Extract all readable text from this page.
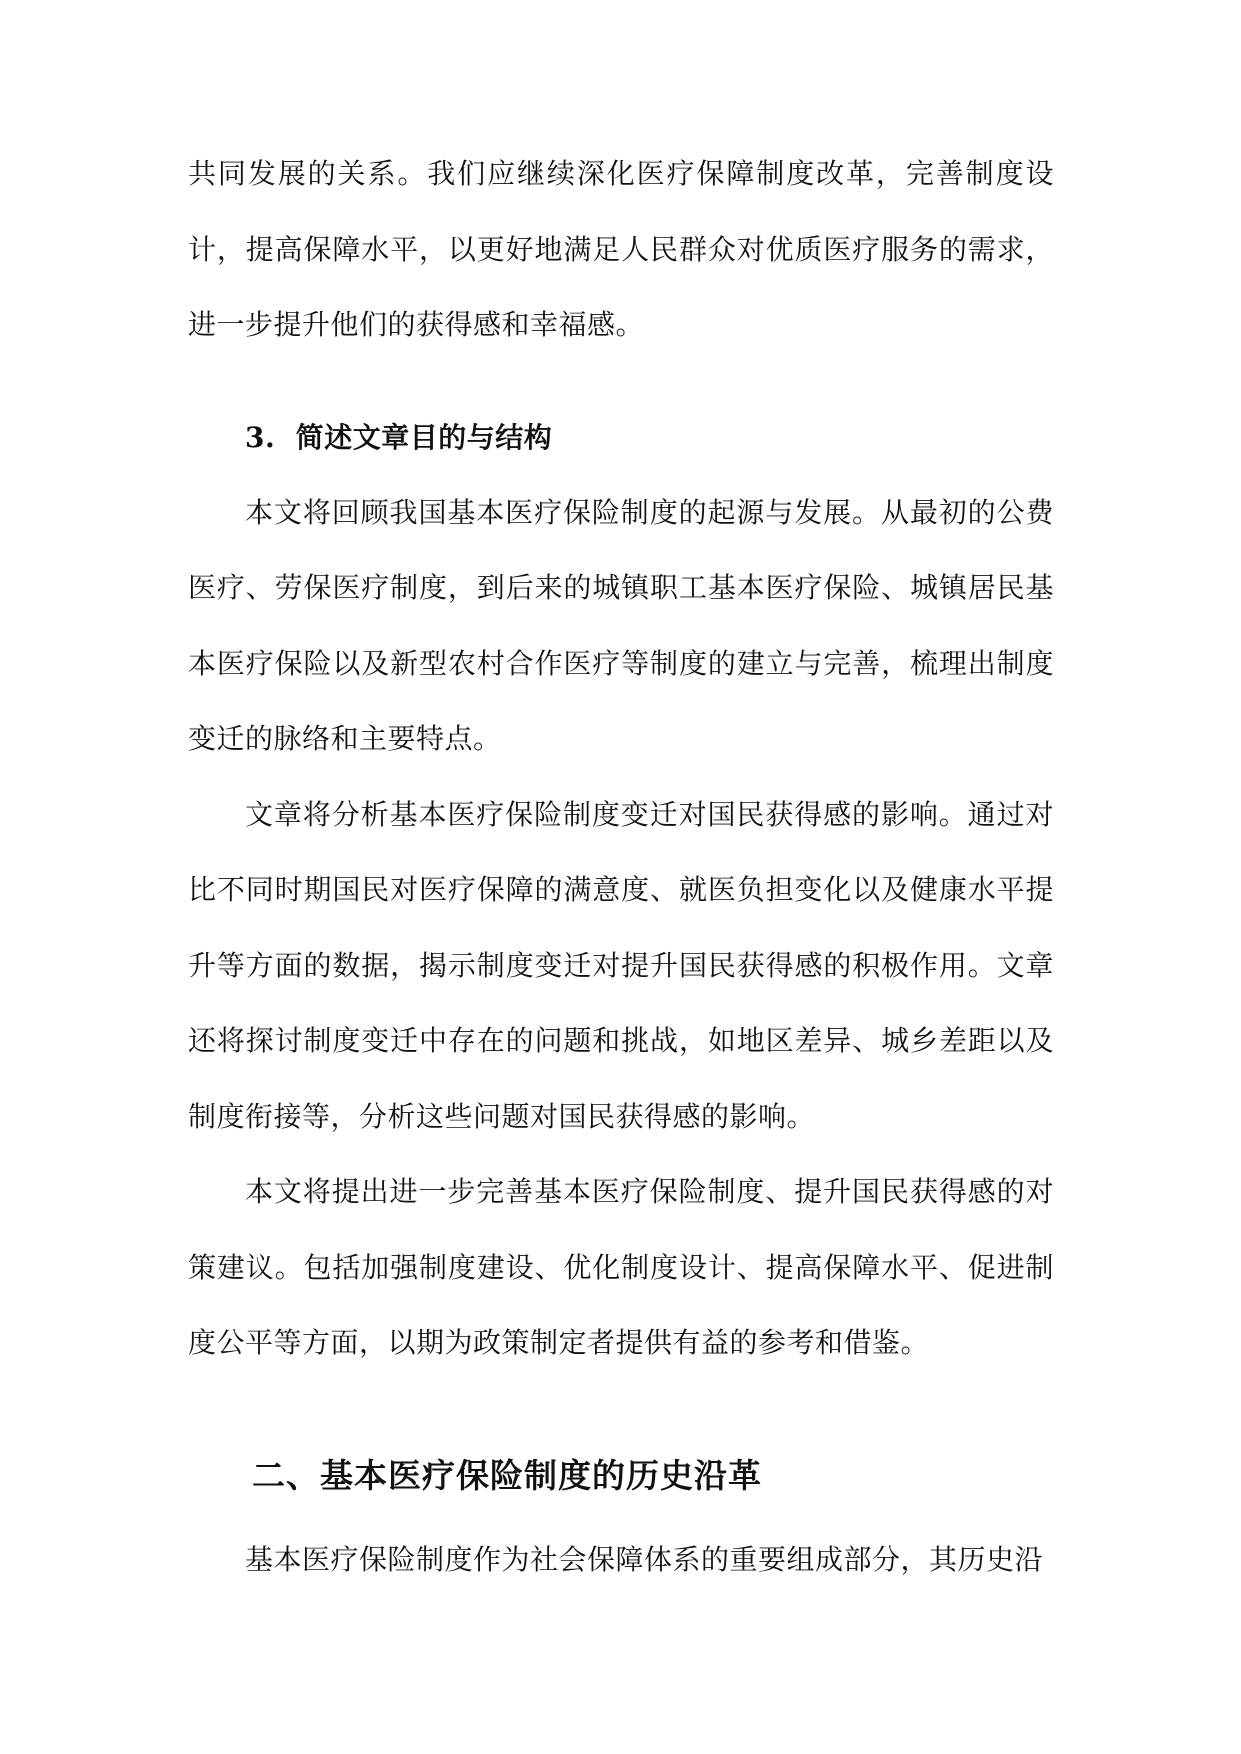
共同发展的关系。我们应继续深化医疗保障制度改革，完善制度设计，提高保障水平，以更好地满足人民群众对优质医疗服务的需求，进一步提升他们的获得感和幸福感。

3. 简述文章目的与结构

本文将回顾我国基本医疗保险制度的起源与发展。从最初的公费医疗、劳保医疗制度，到后来的城镇职工基本医疗保险、城镇居民基本医疗保险以及新型农村合作医疗等制度的建立与完善，梳理出制度变迁的脉络和主要特点。

文章将分析基本医疗保险制度变迁对国民获得感的影响。通过对比不同时期国民对医疗保障的满意度、就医负担变化以及健康水平提升等方面的数据，揭示制度变迁对提升国民获得感的积极作用。文章还将探讨制度变迁中存在的问题和挑战，如地区差异、城乡差距以及制度衔接等，分析这些问题对国民获得感的影响。

本文将提出进一步完善基本医疗保险制度、提升国民获得感的对策建议。包括加强制度建设、优化制度设计、提高保障水平、促进制度公平等方面，以期为政策制定者提供有益的参考和借鉴。

二、基本医疗保险制度的历史沿革

基本医疗保险制度作为社会保障体系的重要组成部分，其历史沿
